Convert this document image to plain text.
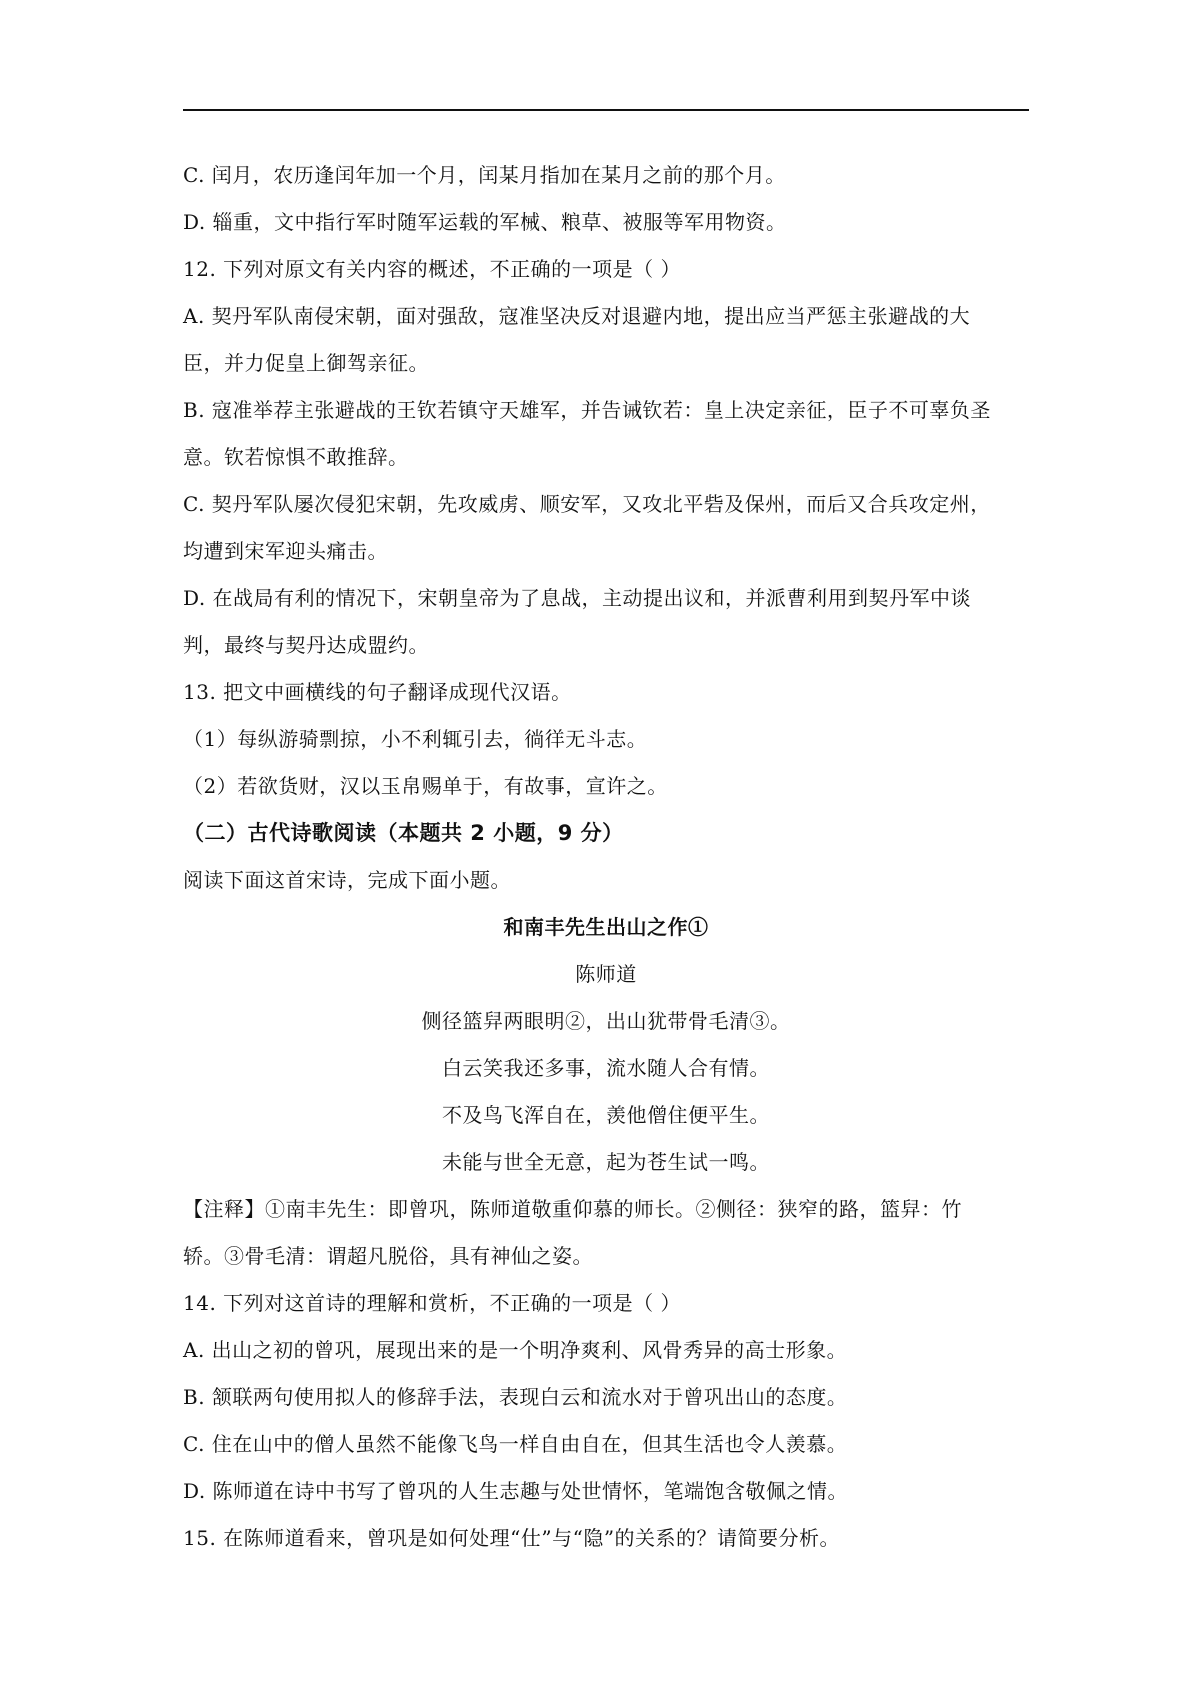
C. 闰月，农历逢闰年加一个月，闰某月指加在某月之前的那个月。
D. 辎重，文中指行军时随军运载的军械、粮草、被服等军用物资。
12. 下列对原文有关内容的概述，不正确的一项是（ ）
A. 契丹军队南侵宋朝，面对强敌，寇准坚决反对退避内地，提出应当严惩主张避战的大
臣，并力促皇上御驾亲征。
B. 寇准举荐主张避战的王钦若镇守天雄军，并告诫钦若：皇上决定亲征，臣子不可辜负圣
意。钦若惊惧不敢推辞。
C. 契丹军队屡次侵犯宋朝，先攻威虏、顺安军，又攻北平砦及保州，而后又合兵攻定州，
均遭到宋军迎头痛击。
D. 在战局有利的情况下，宋朝皇帝为了息战，主动提出议和，并派曹利用到契丹军中谈
判，最终与契丹达成盟约。
13. 把文中画横线的句子翻译成现代汉语。
（1）每纵游骑剽掠，小不利辄引去，徜徉无斗志。
（2）若欲货财，汉以玉帛赐单于，有故事，宣许之。
（二）古代诗歌阅读（本题共 2 小题，9 分）
阅读下面这首宋诗，完成下面小题。
和南丰先生出山之作①
陈师道
侧径篮舁两眼明②，出山犹带骨毛清③。
白云笑我还多事，流水随人合有情。
不及鸟飞浑自在，羡他僧住便平生。
未能与世全无意，起为苍生试一鸣。
【注释】①南丰先生：即曾巩，陈师道敬重仰慕的师长。②侧径：狭窄的路，篮舁：竹
轿。③骨毛清：谓超凡脱俗，具有神仙之姿。
14. 下列对这首诗的理解和赏析，不正确的一项是（ ）
A. 出山之初的曾巩，展现出来的是一个明净爽利、风骨秀异的高士形象。
B. 颔联两句使用拟人的修辞手法，表现白云和流水对于曾巩出山的态度。
C. 住在山中的僧人虽然不能像飞鸟一样自由自在，但其生活也令人羡慕。
D. 陈师道在诗中书写了曾巩的人生志趣与处世情怀，笔端饱含敬佩之情。
15. 在陈师道看来，曾巩是如何处理“仕”与“隐”的关系的？请简要分析。
